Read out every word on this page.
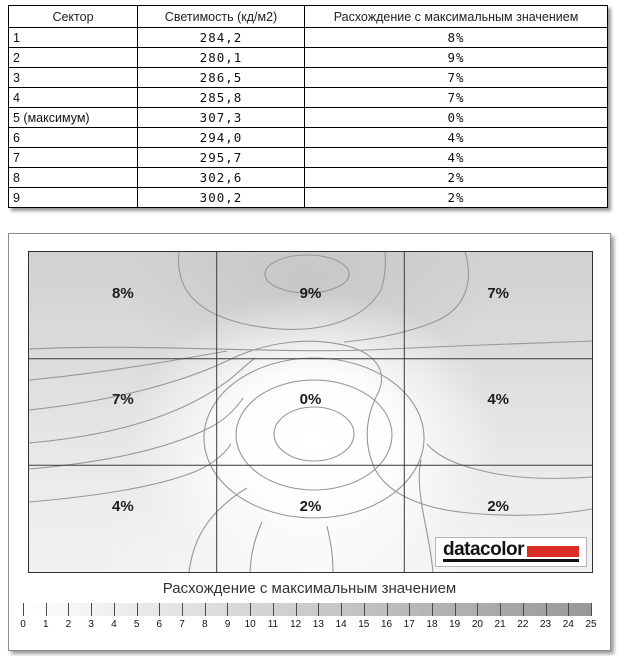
Сектор	Светимость (кд/м2)	Расхождение с максимальным значением
1	284,2	8%
2	280,1	9%
3	286,5	7%
4	285,8	7%
5 (максимум)	307,3	0%
6	294,0	4%
7	295,7	4%
8	302,6	2%
9	300,2	2%
8%	9%	7%
7%	0%	4%
4%	2%	2%
datacolor
Расхождение с максимальным значением
0 1 2 3 4 5 6 7 8 9 10 11 12 13 14 15 16 17 18 19 20 21 22 23 24 25
